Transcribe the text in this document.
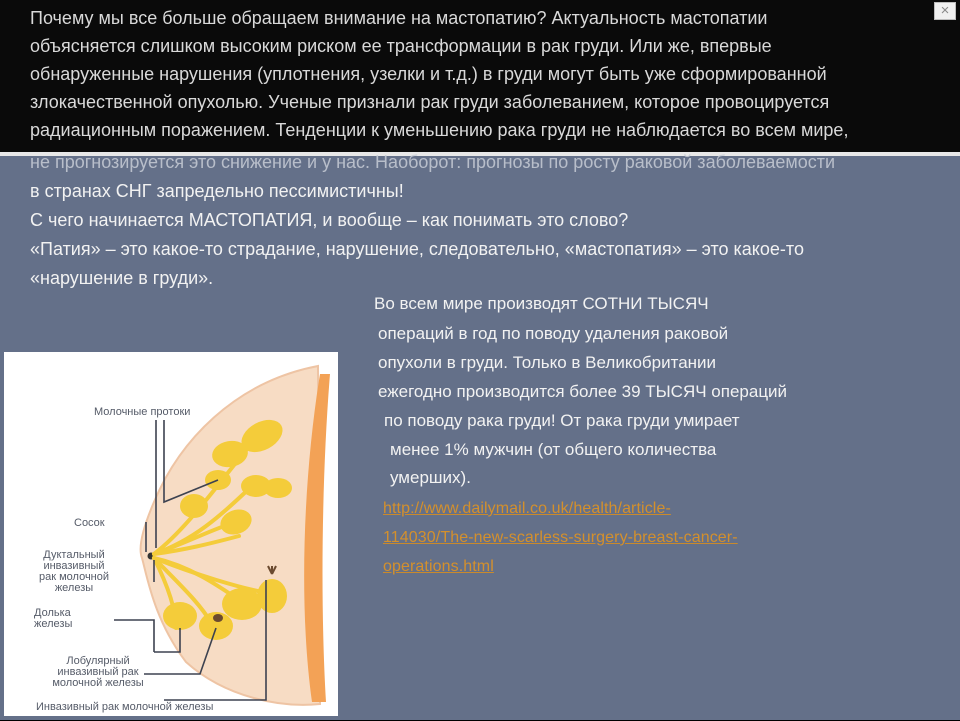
×
Почему мы все больше обращаем внимание на мастопатию? Актуальность мастопатии
объясняется слишком высоким риском ее трансформации в рак груди. Или же, впервые
обнаруженные нарушения (уплотнения, узелки и т.д.) в груди могут быть уже сформированной
злокачественной опухолью. Ученые признали рак груди заболеванием, которое провоцируется
радиационным поражением. Тенденции к уменьшению рака груди не наблюдается во всем мире,
не прогнозируется это снижение и у нас. Наоборот: прогнозы по росту раковой заболеваемости
в странах СНГ запредельно пессимистичны!
С чего начинается МАСТОПАТИЯ, и вообще – как понимать это слово?
«Патия» – это какое-то страдание, нарушение, следовательно, «мастопатия» – это какое-то
«нарушение в груди».
Во всем мире производят СОТНИ ТЫСЯЧ
операций в год по поводу удаления раковой
опухоли в груди. Только в Великобритании
ежегодно производится более 39 ТЫСЯЧ операций
по поводу рака груди! От рака груди умирает
менее 1% мужчин (от общего количества
умерших).
http://www.dailymail.co.uk/health/article-
114030/The-new-scarless-surgery-breast-cancer-
operations.html
Молочные протоки
Сосок
Дуктальный
инвазивный
рак молочной
железы
Долька
железы
Лобулярный
инвазивный рак
молочной железы
Инвазивный рак молочной железы
